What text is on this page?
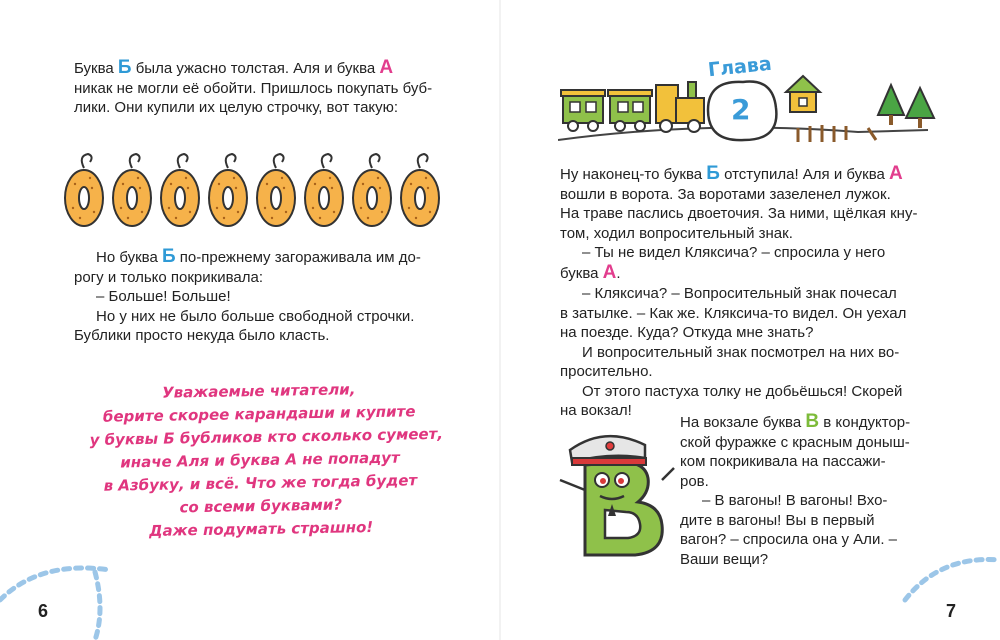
Буква Б была ужасно толстая. Аля и буква А
никак не могли её обойти. Пришлось покупать буб-
лики. Они купили их целую строчку, вот такую:
Но буква Б по-прежнему загораживала им до-
рогу и только покрикивала:
– Больше! Больше!
Но у них не было больше свободной строчки.
Бублики просто некуда было класть.
Уважаемые читатели,
берите скорее карандаши и купите
у буквы Б бубликов кто сколько сумеет,
иначе Аля и буква А не попадут
в Азбуку, и всё. Что же тогда будет
со всеми буквами?
Даже подумать страшно!
6
Глава
2
Ну наконец-то буква Б отступила! Аля и буква А
вошли в ворота. За воротами зазеленел лужок.
На траве паслись двоеточия. За ними, щёлкая кну-
том, ходил вопросительный знак.
– Ты не видел Кляксича? – спросила у него
буква А.
– Кляксича? – Вопросительный знак почесал
в затылке. – Как же. Кляксича-то видел. Он уехал
на поезде. Куда? Откуда мне знать?
И вопросительный знак посмотрел на них во-
просительно.
От этого пастуха толку не добьёшься! Скорей
на вокзал!
На вокзале буква В в кондуктор-
ской фуражке с красным доныш-
ком покрикивала на пассажи-
ров.
– В вагоны! В вагоны! Вхо-
дите в вагоны! Вы в первый
вагон? – спросила она у Али. –
Ваши вещи?
7
